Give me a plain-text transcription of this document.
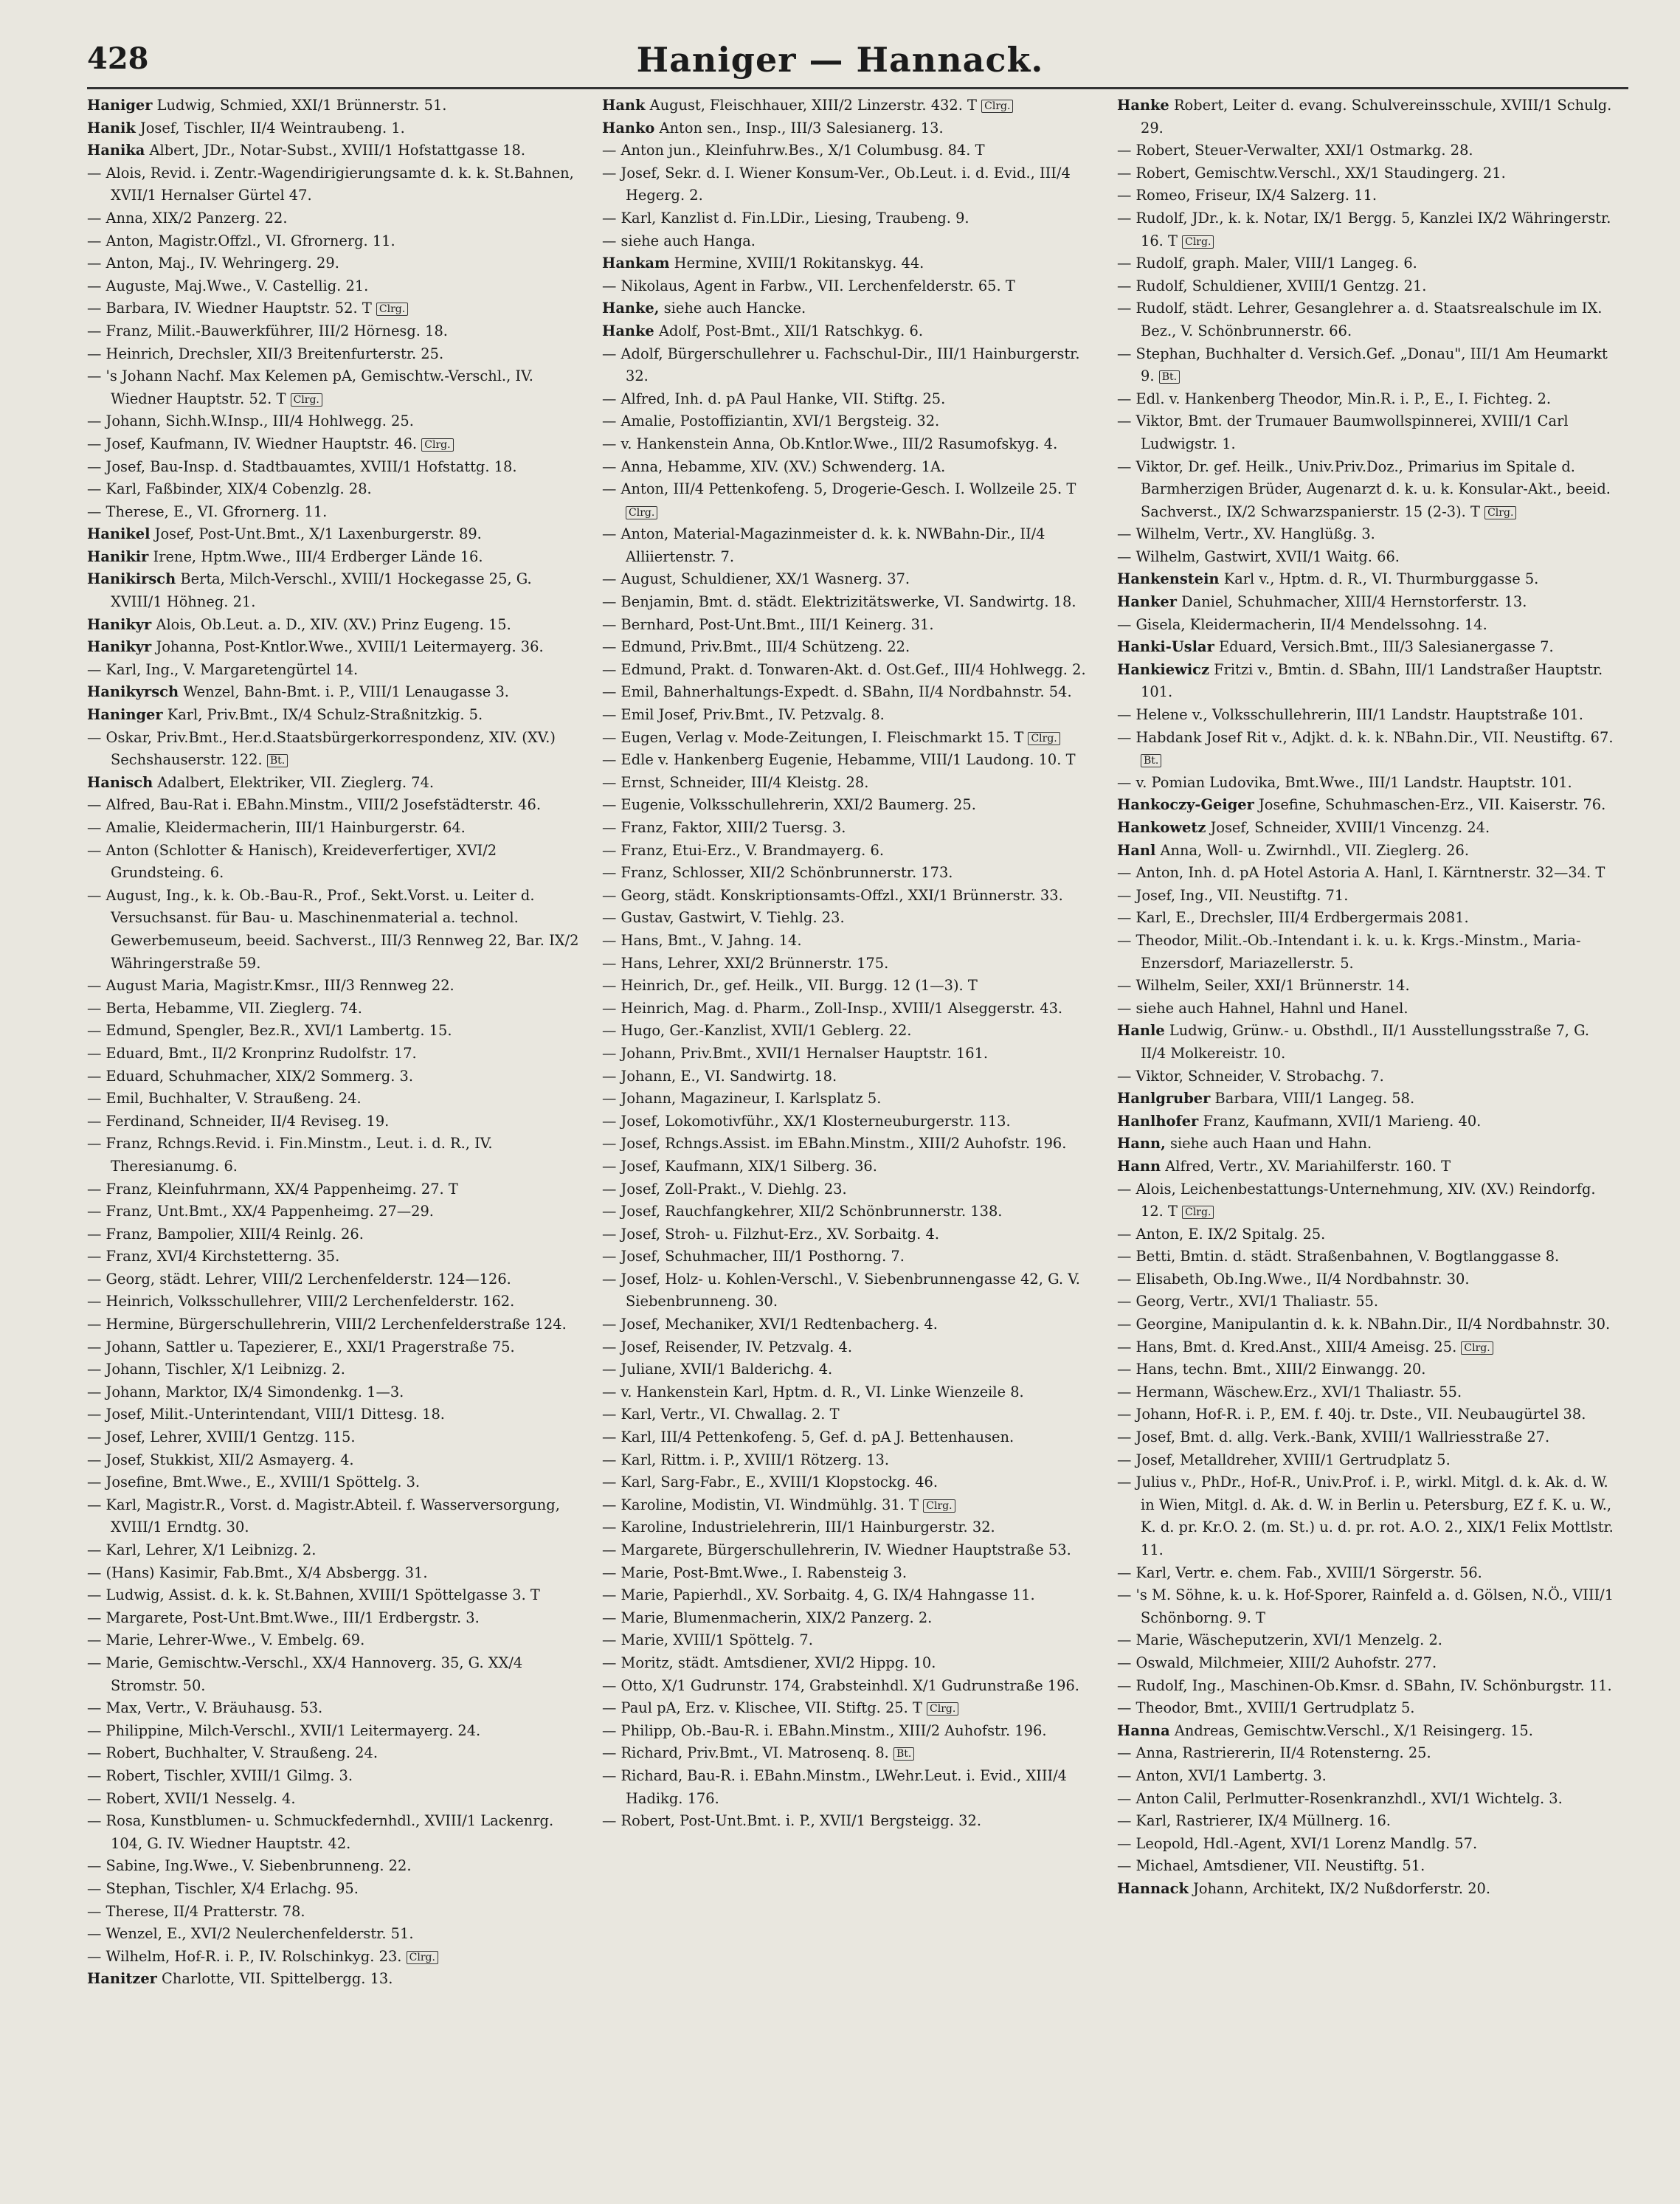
428	Haniger — Hannack.
Haniger Ludwig, Schmied, XXI/1 Brünnerstr. 51.
Hanik Josef, Tischler, II/4 Weintraubeng. 1.
Hanika Albert, JDr., Notar-Subst., XVIII/1 Hofstattgasse 18.
— Alois, Revid. i. Zentr.-Wagendirigierungsamte d. k. k. St.Bahnen, XVII/1 Hernalser Gürtel 47.
— Anna, XIX/2 Panzerg. 22.
— Anton, Magistr.Offzl., VI. Gfrornerg. 11.
— Anton, Maj., IV. Wehringerg. 29.
— Auguste, Maj.Wwe., V. Castellig. 21.
— Barbara, IV. Wiedner Hauptstr. 52. T Clrg.
— Franz, Milit.-Bauwerkführer, III/2 Hörnesg. 18.
— Heinrich, Drechsler, XII/3 Breitenfurterstr. 25.
— 's Johann Nachf. Max Kelemen pA, Gemischtw.-Verschl., IV. Wiedner Hauptstr. 52. T Clrg.
— Johann, Sichh.W.Insp., III/4 Hohlwegg. 25.
— Josef, Kaufmann, IV. Wiedner Hauptstr. 46. Clrg.
— Josef, Bau-Insp. d. Stadtbauamtes, XVIII/1 Hofstattg. 18.
— Karl, Faßbinder, XIX/4 Cobenzlg. 28.
— Therese, E., VI. Gfrornerg. 11.
Hanikel Josef, Post-Unt.Bmt., X/1 Laxenburgerstr. 89.
Hanikir Irene, Hptm.Wwe., III/4 Erdberger Lände 16.
Hanikirsch Berta, Milch-Verschl., XVIII/1 Hockegasse 25, G. XVIII/1 Höhneg. 21.
Hanikyr Alois, Ob.Leut. a. D., XIV. (XV.) Prinz Eugeng. 15.
Hanikyr Johanna, Post-Kntlor.Wwe., XVIII/1 Leitermayerg. 36.
— Karl, Ing., V. Margaretengürtel 14.
Hanikyrsch Wenzel, Bahn-Bmt. i. P., VIII/1 Lenaugasse 3.
Haninger Karl, Priv.Bmt., IX/4 Schulz-Straßnitzkig. 5.
— Oskar, Priv.Bmt., Her.d.Staatsbürgerkorrespondenz, XIV. (XV.) Sechshauserstr. 122. Bt.
Hanisch Adalbert, Elektriker, VII. Zieglerg. 74.
— Alfred, Bau-Rat i. EBahn.Minstm., VIII/2 Josefstädterstr. 46.
— Amalie, Kleidermacherin, III/1 Hainburgerstr. 64.
— Anton (Schlotter & Hanisch), Kreideverfertiger, XVI/2 Grundsteing. 6.
— August, Ing., k. k. Ob.-Bau-R., Prof., Sekt.Vorst. u. Leiter d. Versuchsanst. für Bau- u. Maschinenmaterial a. technol. Gewerbemuseum, beeid. Sachverst., III/3 Rennweg 22, Bar. IX/2 Währingerstraße 59.
— August Maria, Magistr.Kmsr., III/3 Rennweg 22.
— Berta, Hebamme, VII. Zieglerg. 74.
— Edmund, Spengler, Bez.R., XVI/1 Lambertg. 15.
— Eduard, Bmt., II/2 Kronprinz Rudolfstr. 17.
— Eduard, Schuhmacher, XIX/2 Sommerg. 3.
— Emil, Buchhalter, V. Straußeng. 24.
— Ferdinand, Schneider, II/4 Reviseg. 19.
— Franz, Rchngs.Revid. i. Fin.Minstm., Leut. i. d. R., IV. Theresianumg. 6.
— Franz, Kleinfuhrmann, XX/4 Pappenheimg. 27. T
— Franz, Unt.Bmt., XX/4 Pappenheimg. 27—29.
— Franz, Bampolier, XIII/4 Reinlg. 26.
— Franz, XVI/4 Kirchstetterng. 35.
— Georg, städt. Lehrer, VIII/2 Lerchenfelderstr. 124—126.
— Heinrich, Volksschullehrer, VIII/2 Lerchenfelderstr. 162.
— Hermine, Bürgerschullehrerin, VIII/2 Lerchenfelderstraße 124.
— Johann, Sattler u. Tapezierer, E., XXI/1 Pragerstraße 75.
— Johann, Tischler, X/1 Leibnizg. 2.
— Johann, Marktor, IX/4 Simondenkg. 1—3.
— Josef, Milit.-Unterintendant, VIII/1 Dittesg. 18.
— Josef, Lehrer, XVIII/1 Gentzg. 115.
— Josef, Stukkist, XII/2 Asmayerg. 4.
— Josefine, Bmt.Wwe., E., XVIII/1 Spöttelg. 3.
— Karl, Magistr.R., Vorst. d. Magistr.Abteil. f. Wasserversorgung, XVIII/1 Erndtg. 30.
— Karl, Lehrer, X/1 Leibnizg. 2.
— (Hans) Kasimir, Fab.Bmt., X/4 Absbergg. 31.
— Ludwig, Assist. d. k. k. St.Bahnen, XVIII/1 Spöttelgasse 3. T
— Margarete, Post-Unt.Bmt.Wwe., III/1 Erdbergstr. 3.
— Marie, Lehrer-Wwe., V. Embelg. 69.
— Marie, Gemischtw.-Verschl., XX/4 Hannoverg. 35, G. XX/4 Stromstr. 50.
— Max, Vertr., V. Bräuhausg. 53.
— Philippine, Milch-Verschl., XVII/1 Leitermayerg. 24.
— Robert, Buchhalter, V. Straußeng. 24.
— Robert, Tischler, XVIII/1 Gilmg. 3.
— Robert, XVII/1 Nesselg. 4.
— Rosa, Kunstblumen- u. Schmuckfedernhdl., XVIII/1 Lackenrg. 104, G. IV. Wiedner Hauptstr. 42.
— Sabine, Ing.Wwe., V. Siebenbrunneng. 22.
— Stephan, Tischler, X/4 Erlachg. 95.
— Therese, II/4 Pratterstr. 78.
— Wenzel, E., XVI/2 Neulerchenfelderstr. 51.
— Wilhelm, Hof-R. i. P., IV. Rolschinkyg. 23. Clrg.
Hanitzer Charlotte, VII. Spittelbergg. 13.
Hank August, Fleischhauer, XIII/2 Linzerstr. 432. T Clrg.
Hanko Anton sen., Insp., III/3 Salesianerg. 13.
— Anton jun., Kleinfuhrw.Bes., X/1 Columbusg. 84. T
— Josef, Sekr. d. I. Wiener Konsum-Ver., Ob.Leut. i. d. Evid., III/4 Hegerg. 2.
— Karl, Kanzlist d. Fin.LDir., Liesing, Traubeng. 9.
— siehe auch Hanga.
Hankam Hermine, XVIII/1 Rokitanskyg. 44.
— Nikolaus, Agent in Farbw., VII. Lerchenfelderstr. 65. T
Hanke, siehe auch Hancke.
Hanke Adolf, Post-Bmt., XII/1 Ratschkyg. 6.
— Adolf, Bürgerschullehrer u. Fachschul-Dir., III/1 Hainburgerstr. 32.
— Alfred, Inh. d. pA Paul Hanke, VII. Stiftg. 25.
— Amalie, Postoffiziantin, XVI/1 Bergsteig. 32.
— v. Hankenstein Anna, Ob.Kntlor.Wwe., III/2 Rasumofskyg. 4.
— Anna, Hebamme, XIV. (XV.) Schwenderg. 1A.
— Anton, III/4 Pettenkofeng. 5, Drogerie-Gesch. I. Wollzeile 25. T Clrg.
— Anton, Material-Magazinmeister d. k. k. NWBahn-Dir., II/4 Alliiertenstr. 7.
— August, Schuldiener, XX/1 Wasnerg. 37.
— Benjamin, Bmt. d. städt. Elektrizitätswerke, VI. Sandwirtg. 18.
— Bernhard, Post-Unt.Bmt., III/1 Keinerg. 31.
— Edmund, Priv.Bmt., III/4 Schützeng. 22.
— Edmund, Prakt. d. Tonwaren-Akt. d. Ost.Gef., III/4 Hohlwegg. 2.
— Emil, Bahnerhaltungs-Expedt. d. SBahn, II/4 Nordbahnstr. 54.
— Emil Josef, Priv.Bmt., IV. Petzvalg. 8.
— Eugen, Verlag v. Mode-Zeitungen, I. Fleischmarkt 15. T Clrg.
— Edle v. Hankenberg Eugenie, Hebamme, VIII/1 Laudong. 10. T
— Ernst, Schneider, III/4 Kleistg. 28.
— Eugenie, Volksschullehrerin, XXI/2 Baumerg. 25.
— Franz, Faktor, XIII/2 Tuersg. 3.
— Franz, Etui-Erz., V. Brandmayerg. 6.
— Franz, Schlosser, XII/2 Schönbrunnerstr. 173.
— Georg, städt. Konskriptionsamts-Offzl., XXI/1 Brünnerstr. 33.
— Gustav, Gastwirt, V. Tiehlg. 23.
— Hans, Bmt., V. Jahng. 14.
— Hans, Lehrer, XXI/2 Brünnerstr. 175.
— Heinrich, Dr., gef. Heilk., VII. Burgg. 12 (1—3). T
— Heinrich, Mag. d. Pharm., Zoll-Insp., XVIII/1 Alseggerstr. 43.
— Hugo, Ger.-Kanzlist, XVII/1 Geblerg. 22.
— Johann, Priv.Bmt., XVII/1 Hernalser Hauptstr. 161.
— Johann, E., VI. Sandwirtg. 18.
— Johann, Magazineur, I. Karlsplatz 5.
— Josef, Lokomotivführ., XX/1 Klosterneuburgerstr. 113.
— Josef, Rchngs.Assist. im EBahn.Minstm., XIII/2 Auhofstr. 196.
— Josef, Kaufmann, XIX/1 Silberg. 36.
— Josef, Zoll-Prakt., V. Diehlg. 23.
— Josef, Rauchfangkehrer, XII/2 Schönbrunnerstr. 138.
— Josef, Stroh- u. Filzhut-Erz., XV. Sorbaitg. 4.
— Josef, Schuhmacher, III/1 Posthorng. 7.
— Josef, Holz- u. Kohlen-Verschl., V. Siebenbrunnengasse 42, G. V. Siebenbrunneng. 30.
— Josef, Mechaniker, XVI/1 Redtenbacherg. 4.
— Josef, Reisender, IV. Petzvalg. 4.
— Juliane, XVII/1 Balderichg. 4.
— v. Hankenstein Karl, Hptm. d. R., VI. Linke Wienzeile 8.
— Karl, Vertr., VI. Chwallag. 2. T
— Karl, III/4 Pettenkofeng. 5, Gef. d. pA J. Bettenhausen.
— Karl, Rittm. i. P., XVIII/1 Rötzerg. 13.
— Karl, Sarg-Fabr., E., XVIII/1 Klopstockg. 46.
— Karoline, Modistin, VI. Windmühlg. 31. T Clrg.
— Karoline, Industrielehrerin, III/1 Hainburgerstr. 32.
— Margarete, Bürgerschullehrerin, IV. Wiedner Hauptstraße 53.
— Marie, Post-Bmt.Wwe., I. Rabensteig 3.
— Marie, Papierhdl., XV. Sorbaitg. 4, G. IX/4 Hahngasse 11.
— Marie, Blumenmacherin, XIX/2 Panzerg. 2.
— Marie, XVIII/1 Spöttelg. 7.
— Moritz, städt. Amtsdiener, XVI/2 Hippg. 10.
— Otto, X/1 Gudrunstr. 174, Grabsteinhdl. X/1 Gudrunstraße 196.
— Paul pA, Erz. v. Klischee, VII. Stiftg. 25. T Clrg.
— Philipp, Ob.-Bau-R. i. EBahn.Minstm., XIII/2 Auhofstr. 196.
— Richard, Priv.Bmt., VI. Matrosenq. 8. Bt.
— Richard, Bau-R. i. EBahn.Minstm., LWehr.Leut. i. Evid., XIII/4 Hadikg. 176.
— Robert, Post-Unt.Bmt. i. P., XVII/1 Bergsteigg. 32.
Hanke Robert, Leiter d. evang. Schulvereinsschule, XVIII/1 Schulg. 29.
— Robert, Steuer-Verwalter, XXI/1 Ostmarkg. 28.
— Robert, Gemischtw.Verschl., XX/1 Staudingerg. 21.
— Romeo, Friseur, IX/4 Salzerg. 11.
— Rudolf, JDr., k. k. Notar, IX/1 Bergg. 5, Kanzlei IX/2 Währingerstr. 16. T Clrg.
— Rudolf, graph. Maler, VIII/1 Langeg. 6.
— Rudolf, Schuldiener, XVIII/1 Gentzg. 21.
— Rudolf, städt. Lehrer, Gesanglehrer a. d. Staatsrealschule im IX. Bez., V. Schönbrunnerstr. 66.
— Stephan, Buchhalter d. Versich.Gef. „Donau", III/1 Am Heumarkt 9. Bt.
— Edl. v. Hankenberg Theodor, Min.R. i. P., E., I. Fichteg. 2.
— Viktor, Bmt. der Trumauer Baumwollspinnerei, XVIII/1 Carl Ludwigstr. 1.
— Viktor, Dr. gef. Heilk., Univ.Priv.Doz., Primarius im Spitale d. Barmherzigen Brüder, Augenarzt d. k. u. k. Konsular-Akt., beeid. Sachverst., IX/2 Schwarzspanierstr. 15 (2-3). T Clrg.
— Wilhelm, Vertr., XV. Hanglüßg. 3.
— Wilhelm, Gastwirt, XVII/1 Waitg. 66.
Hankenstein Karl v., Hptm. d. R., VI. Thurmburggasse 5.
Hanker Daniel, Schuhmacher, XIII/4 Hernstorferstr. 13.
— Gisela, Kleidermacherin, II/4 Mendelssohng. 14.
Hanki-Uslar Eduard, Versich.Bmt., III/3 Salesianergasse 7.
Hankiewicz Fritzi v., Bmtin. d. SBahn, III/1 Landstraßer Hauptstr. 101.
— Helene v., Volksschullehrerin, III/1 Landstr. Hauptstraße 101.
— Habdank Josef Rit v., Adjkt. d. k. k. NBahn.Dir., VII. Neustiftg. 67. Bt.
— v. Pomian Ludovika, Bmt.Wwe., III/1 Landstr. Hauptstr. 101.
Hankoczy-Geiger Josefine, Schuhmaschen-Erz., VII. Kaiserstr. 76.
Hankowetz Josef, Schneider, XVIII/1 Vincenzg. 24.
Hanl Anna, Woll- u. Zwirnhdl., VII. Zieglerg. 26.
— Anton, Inh. d. pA Hotel Astoria A. Hanl, I. Kärntnerstr. 32—34. T
— Josef, Ing., VII. Neustiftg. 71.
— Karl, E., Drechsler, III/4 Erdbergermais 2081.
— Theodor, Milit.-Ob.-Intendant i. k. u. k. Krgs.-Minstm., Maria-Enzersdorf, Mariazellerstr. 5.
— Wilhelm, Seiler, XXI/1 Brünnerstr. 14.
— siehe auch Hahnel, Hahnl und Hanel.
Hanle Ludwig, Grünw.- u. Obsthdl., II/1 Ausstellungsstraße 7, G. II/4 Molkereistr. 10.
— Viktor, Schneider, V. Strobachg. 7.
Hanlgruber Barbara, VIII/1 Langeg. 58.
Hanlhofer Franz, Kaufmann, XVII/1 Marieng. 40.
Hann, siehe auch Haan und Hahn.
Hann Alfred, Vertr., XV. Mariahilferstr. 160. T
— Alois, Leichenbestattungs-Unternehmung, XIV. (XV.) Reindorfg. 12. T Clrg.
— Anton, E. IX/2 Spitalg. 25.
— Betti, Bmtin. d. städt. Straßenbahnen, V. Bogtlanggasse 8.
— Elisabeth, Ob.Ing.Wwe., II/4 Nordbahnstr. 30.
— Georg, Vertr., XVI/1 Thaliastr. 55.
— Georgine, Manipulantin d. k. k. NBahn.Dir., II/4 Nordbahnstr. 30.
— Hans, Bmt. d. Kred.Anst., XIII/4 Ameisg. 25. Clrg.
— Hans, techn. Bmt., XIII/2 Einwangg. 20.
— Hermann, Wäschew.Erz., XVI/1 Thaliastr. 55.
— Johann, Hof-R. i. P., EM. f. 40j. tr. Dste., VII. Neubaugürtel 38.
— Josef, Bmt. d. allg. Verk.-Bank, XVIII/1 Wallriesstraße 27.
— Josef, Metalldreher, XVIII/1 Gertrudplatz 5.
— Julius v., PhDr., Hof-R., Univ.Prof. i. P., wirkl. Mitgl. d. k. Ak. d. W. in Wien, Mitgl. d. Ak. d. W. in Berlin u. Petersburg, EZ f. K. u. W., K. d. pr. Kr.O. 2. (m. St.) u. d. pr. rot. A.O. 2., XIX/1 Felix Mottlstr. 11.
— Karl, Vertr. e. chem. Fab., XVIII/1 Sörgerstr. 56.
— 's M. Söhne, k. u. k. Hof-Sporer, Rainfeld a. d. Gölsen, N.Ö., VIII/1 Schönborng. 9. T
— Marie, Wäscheputzerin, XVI/1 Menzelg. 2.
— Oswald, Milchmeier, XIII/2 Auhofstr. 277.
— Rudolf, Ing., Maschinen-Ob.Kmsr. d. SBahn, IV. Schönburgstr. 11.
— Theodor, Bmt., XVIII/1 Gertrudplatz 5.
Hanna Andreas, Gemischtw.Verschl., X/1 Reisingerg. 15.
— Anna, Rastriererin, II/4 Rotensterng. 25.
— Anton, XVI/1 Lambertg. 3.
— Anton Calil, Perlmutter-Rosenkranzhdl., XVI/1 Wichtelg. 3.
— Karl, Rastrierer, IX/4 Müllnerg. 16.
— Leopold, Hdl.-Agent, XVI/1 Lorenz Mandlg. 57.
— Michael, Amtsdiener, VII. Neustiftg. 51.
Hannack Johann, Architekt, IX/2 Nußdorferstr. 20.
